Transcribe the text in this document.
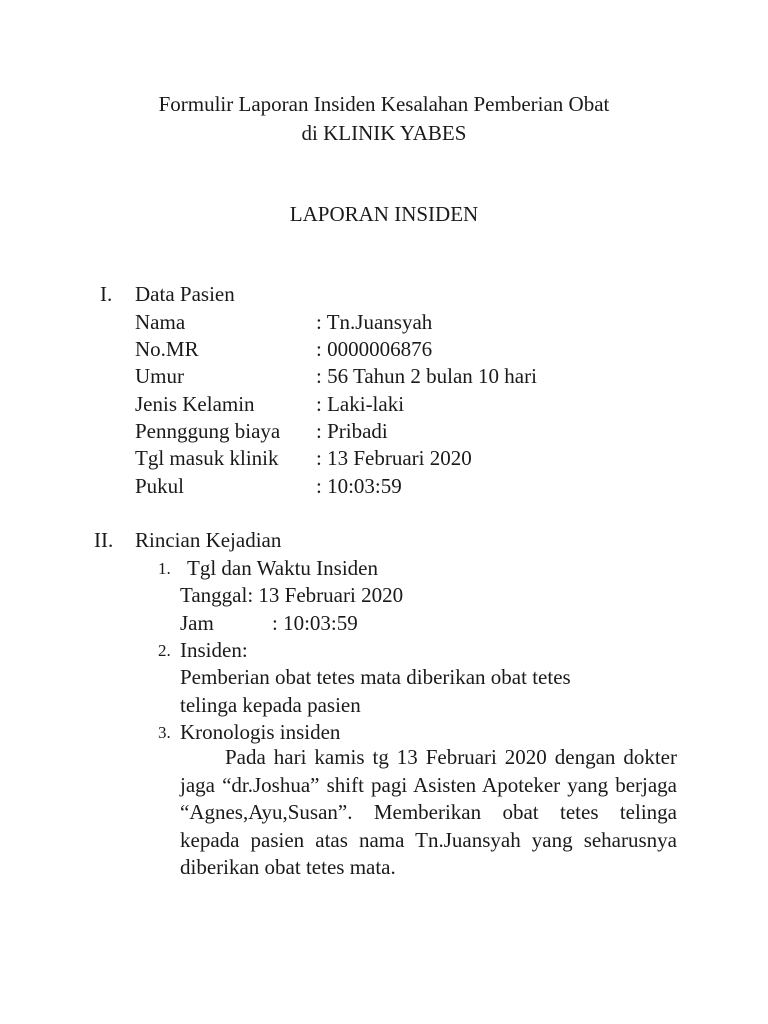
Formulir Laporan Insiden Kesalahan Pemberian Obat
di KLINIK YABES
LAPORAN INSIDEN
I. Data Pasien
Nama	: Tn.Juansyah
No.MR	: 0000006876
Umur	: 56 Tahun 2 bulan 10 hari
Jenis Kelamin	: Laki-laki
Pennggung biaya : Pribadi
Tgl masuk klinik : 13 Februari 2020
Pukul	: 10:03:59
II. Rincian Kejadian
1. Tgl dan Waktu Insiden
Tanggal: 13 Februari 2020
Jam	: 10:03:59
2. Insiden:
Pemberian obat tetes mata diberikan obat tetes
telinga kepada pasien
3. Kronologis insiden
Pada hari kamis tg 13 Februari 2020 dengan dokter jaga “dr.Joshua” shift pagi Asisten Apoteker yang berjaga “Agnes,Ayu,Susan”. Memberikan obat tetes telinga kepada pasien atas nama Tn.Juansyah yang seharusnya diberikan obat tetes mata.
